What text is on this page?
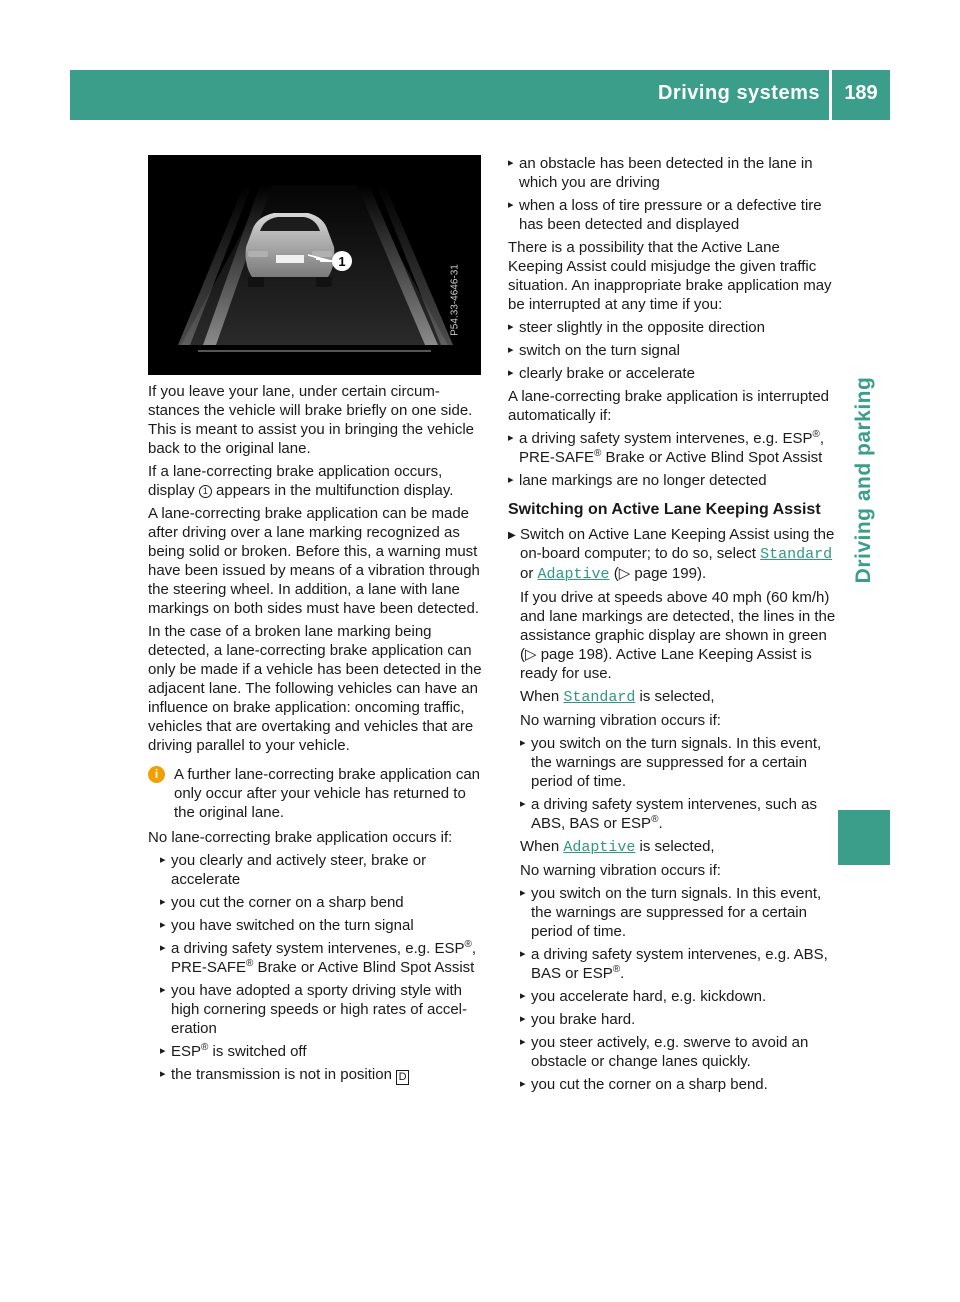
Driving systems	189
Driving and parking
1
P54.33-4646-31
If you leave your lane, under certain circumstances the vehicle will brake briefly on one side. This is meant to assist you in bringing the vehicle back to the original lane.
If a lane-correcting brake application occurs, display 1 appears in the multifunction display.
A lane-correcting brake application can be made after driving over a lane marking recognized as being solid or broken. Before this, a warning must have been issued by means of a vibration through the steering wheel. In addition, a lane with lane markings on both sides must have been detected.
In the case of a broken lane marking being detected, a lane-correcting brake application can only be made if a vehicle has been detected in the adjacent lane. The following vehicles can have an influence on brake application: oncoming traffic, vehicles that are overtaking and vehicles that are driving parallel to your vehicle.
i	A further lane-correcting brake application can only occur after your vehicle has returned to the original lane.
No lane-correcting brake application occurs if:
▸ you clearly and actively steer, brake or accelerate
▸ you cut the corner on a sharp bend
▸ you have switched on the turn signal
▸ a driving safety system intervenes, e.g. ESP®, PRE-SAFE® Brake or Active Blind Spot Assist
▸ you have adopted a sporty driving style with high cornering speeds or high rates of acceleration
▸ ESP® is switched off
▸ the transmission is not in position D
▸ an obstacle has been detected in the lane in which you are driving
▸ when a loss of tire pressure or a defective tire has been detected and displayed
There is a possibility that the Active Lane Keeping Assist could misjudge the given traffic situation. An inappropriate brake application may be interrupted at any time if you:
▸ steer slightly in the opposite direction
▸ switch on the turn signal
▸ clearly brake or accelerate
A lane-correcting brake application is interrupted automatically if:
▸ a driving safety system intervenes, e.g. ESP®, PRE-SAFE® Brake or Active Blind Spot Assist
▸ lane markings are no longer detected
Switching on Active Lane Keeping Assist
▶ Switch on Active Lane Keeping Assist using the on-board computer; to do so, select Standard or Adaptive (▷ page 199).
If you drive at speeds above 40 mph (60 km/h) and lane markings are detected, the lines in the assistance graphic display are shown in green (▷ page 198). Active Lane Keeping Assist is ready for use.
When Standard is selected,
No warning vibration occurs if:
▸ you switch on the turn signals. In this event, the warnings are suppressed for a certain period of time.
▸ a driving safety system intervenes, such as ABS, BAS or ESP®.
When Adaptive is selected,
No warning vibration occurs if:
▸ you switch on the turn signals. In this event, the warnings are suppressed for a certain period of time.
▸ a driving safety system intervenes, e.g. ABS, BAS or ESP®.
▸ you accelerate hard, e.g. kickdown.
▸ you brake hard.
▸ you steer actively, e.g. swerve to avoid an obstacle or change lanes quickly.
▸ you cut the corner on a sharp bend.
